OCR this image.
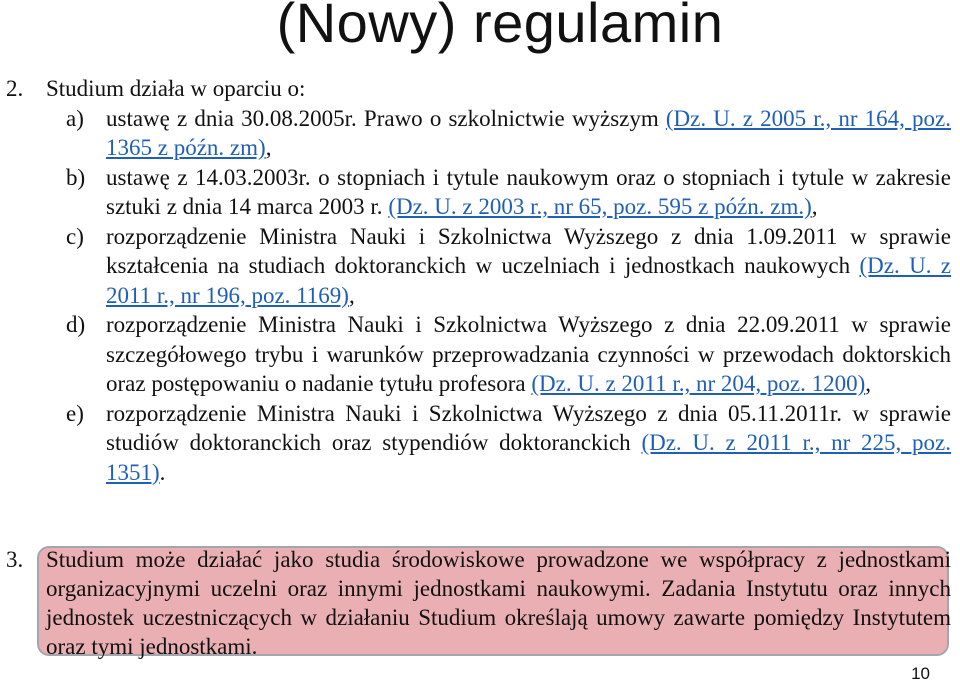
(Nowy) regulamin

2. Studium działa w oparciu o:

a) ustawę z dnia 30.08.2005r. Prawo o szkolnictwie wyższym (Dz. U. z 2005 r., nr 164, poz. 1365 z późn. zm),

b) ustawę z 14.03.2003r. o stopniach i tytule naukowym oraz o stopniach i tytule w zakresie sztuki z dnia 14 marca 2003 r. (Dz. U. z 2003 r., nr 65, poz. 595 z późn. zm.),

c) rozporządzenie Ministra Nauki i Szkolnictwa Wyższego z dnia 1.09.2011 w sprawie kształcenia na studiach doktoranckich w uczelniach i jednostkach naukowych (Dz. U. z 2011 r., nr 196, poz. 1169),

d) rozporządzenie Ministra Nauki i Szkolnictwa Wyższego z dnia 22.09.2011 w sprawie szczegółowego trybu i warunków przeprowadzania czynności w przewodach doktorskich oraz postępowaniu o nadanie tytułu profesora (Dz. U. z 2011 r., nr 204, poz. 1200),

e) rozporządzenie Ministra Nauki i Szkolnictwa Wyższego z dnia 05.11.2011r. w sprawie studiów doktoranckich oraz stypendiów doktoranckich (Dz. U. z 2011 r., nr 225, poz. 1351).

3. Studium może działać jako studia środowiskowe prowadzone we współpracy z jednostkami organizacyjnymi uczelni oraz innymi jednostkami naukowymi. Zadania Instytutu oraz innych jednostek uczestniczących w działaniu Studium określają umowy zawarte pomiędzy Instytutem oraz tymi jednostkami.
10
